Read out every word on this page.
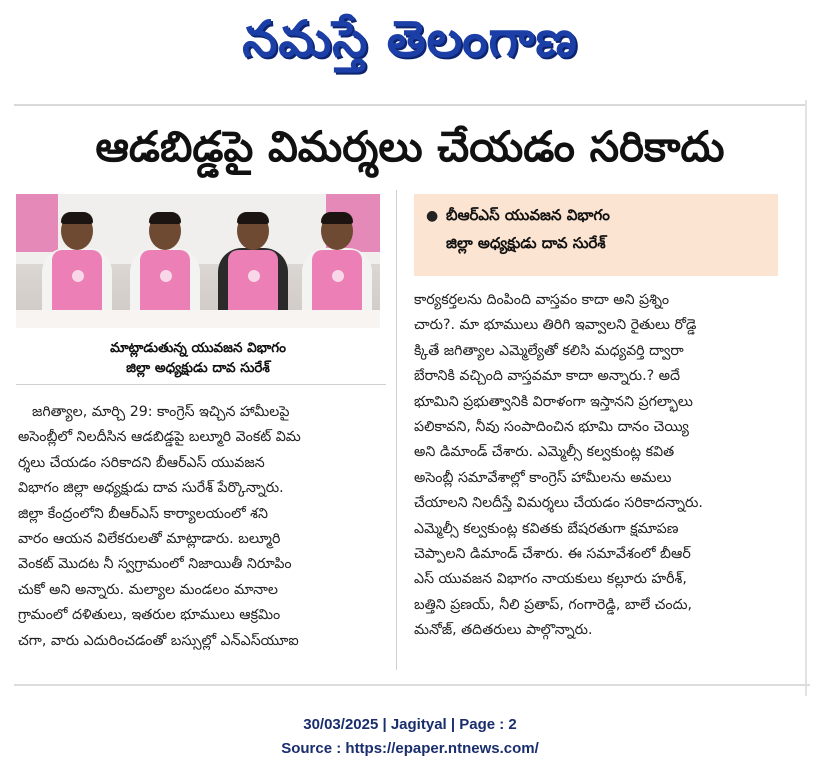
నమస్తే తెలంగాణ
ఆడబిడ్డపై విమర్శలు చేయడం సరికాదు
మాట్లాడుతున్న యువజన విభాగం
జిల్లా అధ్యక్షుడు దావ సురేశ్
● బీఆర్ఎస్ యువజన విభాగం
జిల్లా అధ్యక్షుడు దావ సురేశ్
జగిత్యాల, మార్చి 29: కాంగ్రెస్ ఇచ్చిన హామీలపై
అసెంబ్లీలో నిలదీసిన ఆడబిడ్డపై బల్మూరి వెంకట్ విమ
ర్శలు చేయడం సరికాదని బీఆర్ఎస్ యువజన
విభాగం జిల్లా అధ్యక్షుడు దావ సురేశ్ పేర్కొన్నారు.
జిల్లా కేంద్రంలోని బీఆర్ఎస్ కార్యాలయంలో శని
వారం ఆయన విలేకరులతో మాట్లాడారు. బల్మూరి
వెంకట్ మొదట నీ స్వగ్రామంలో నిజాయితీ నిరూపిం
చుకో అని అన్నారు. మల్యాల మండలం మానాల
గ్రామంలో దళితులు, ఇతరుల భూములు ఆక్రమిం
చగా, వారు ఎదురించడంతో బస్సుల్లో ఎన్ఎస్‌యూఐ
కార్యకర్తలను దింపింది వాస్తవం కాదా అని ప్రశ్నిం
చారు?. మా భూములు తిరిగి ఇవ్వాలని రైతులు రోడ్డె
క్కితే జగిత్యాల ఎమ్మెల్యేతో కలిసి మధ్యవర్తి ద్వారా
బేరానికి వచ్చింది వాస్తవమా కాదా అన్నారు.? అదే
భూమిని ప్రభుత్వానికి విరాళంగా ఇస్తానని ప్రగల్భాలు
పలికావని, నీవు సంపాదించిన భూమి దానం చెయ్యి
అని డిమాండ్ చేశారు. ఎమ్మెల్సీ కల్వకుంట్ల కవిత
అసెంబ్లీ సమావేశాల్లో కాంగ్రెస్ హామీలను అమలు
చేయాలని నిలదీస్తే విమర్శలు చేయడం సరికాదన్నారు.
ఎమ్మెల్సీ కల్వకుంట్ల కవితకు బేషరతుగా క్షమాపణ
చెప్పాలని డిమాండ్ చేశారు. ఈ సమావేశంలో బీఆర్
ఎస్ యువజన విభాగం నాయకులు కల్లూరు హరీశ్,
బత్తిని ప్రణయ్, నీలి ప్రతాప్, గంగారెడ్డి, బాలే చందు,
మనోజ్, తదితరులు పాల్గొన్నారు.
30/03/2025 | Jagityal | Page : 2
Source : https://epaper.ntnews.com/
